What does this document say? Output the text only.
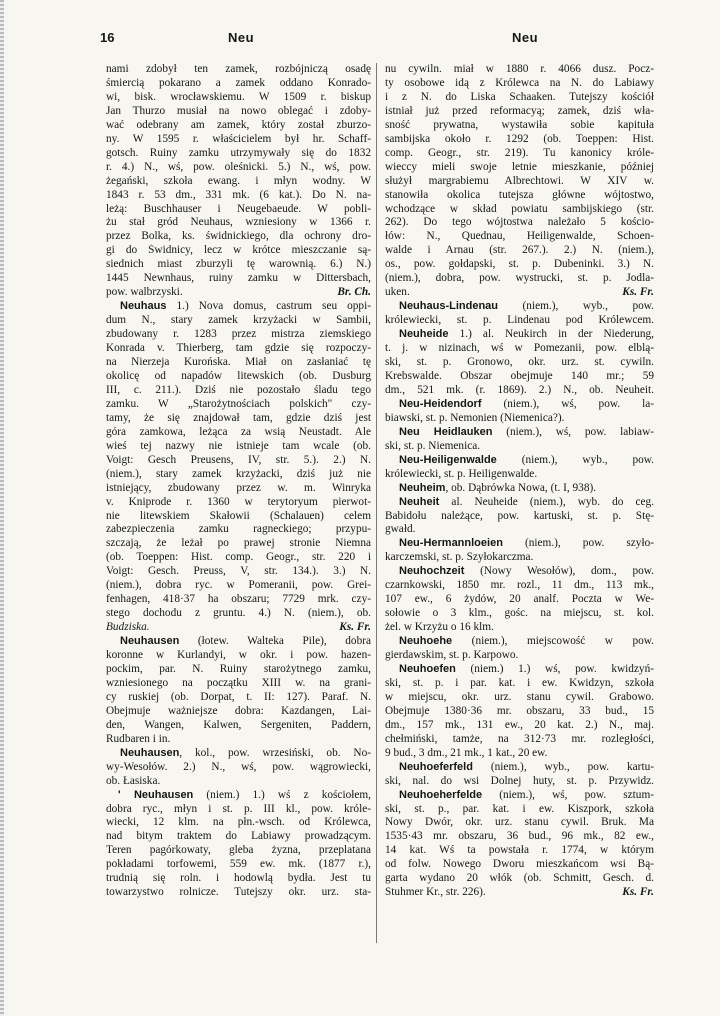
16	Neu	Neu
nami zdobył ten zamek, rozbójniczą osadę
śmiercią pokarano a zamek oddano Konrado-
wi, bisk. wrocławskiemu. W 1509 r. biskup
Jan Thurzo musiał na nowo oblegać i zdoby-
wać odebrany am zamek, który został zburzo-
ny. W 1595 r. właścicielem był hr. Schaff-
gotsch. Ruiny zamku utrzymywały się do 1832
r. 4.) N., wś, pow. oleśnicki. 5.) N., wś, pow.
żegański, szkoła ewang. i młyn wodny. W
1843 r. 53 dm., 331 mk. (6 kat.). Do N. na-
leżą: Buschhauser i Neugebaeude. W pobli-
żu stał gród Neuhaus, wzniesiony w 1366 r.
przez Bolka, ks. świdnickiego, dla ochrony dro-
gi do Świdnicy, lecz w krótce mieszczanie są-
siednich miast zburzyli tę warownią. 6.) N.)
1445 Newnhaus, ruiny zamku w Dittersbach,
pow. walbrzyski.	Br. Ch.
Neuhaus 1.) Nova domus, castrum seu oppi-
dum N., stary zamek krzyżacki w Sambii,
zbudowany r. 1283 przez mistrza ziemskiego
Konrada v. Thierberg, tam gdzie się rozpoczy-
na Nierzeja Kurońska. Miał on zasłaniać tę
okolicę od napadów litewskich (ob. Dusburg
III, c. 211.). Dziś nie pozostało śladu tego
zamku. W „Starożytnościach polskich" czy-
tamy, że się znajdował tam, gdzie dziś jest
góra zamkowa, leżąca za wsią Neustadt. Ale
wieś tej nazwy nie istnieje tam wcale (ob.
Voigt: Gesch Preusens, IV, str. 5.). 2.) N.
(niem.), stary zamek krzyżacki, dziś już nie
istniejący, zbudowany przez w. m. Winryka
v. Kniprode r. 1360 w terytoryum pierwot-
nie litewskiem Skałowii (Schalauen) celem
zabezpieczenia zamku ragneckiego; przypu-
szczają, że leżał po prawej stronie Niemna
(ob. Toeppen: Hist. comp. Geogr., str. 220 i
Voigt: Gesch. Preuss, V, str. 134.). 3.) N.
(niem.), dobra ryc. w Pomeranii, pow. Grei-
fenhagen, 418·37 ha obszaru; 7729 mrk. czy-
stego dochodu z gruntu. 4.) N. (niem.), ob.
Budziska.	Ks. Fr.
Neuhausen (łotew. Walteka Pile), dobra
koronne w Kurlandyi, w okr. i pow. hazen-
pockim, par. N. Ruiny starożytnego zamku,
wzniesionego na początku XIII w. na grani-
cy ruskiej (ob. Dorpat, t. II: 127). Paraf. N.
Obejmuje ważniejsze dobra: Kazdangen, Lai-
den, Wangen, Kalwen, Sergeniten, Paddern,
Rudbaren i in.
Neuhausen, kol., pow. wrzesiński, ob. No-
wy-Wesołów. 2.) N., wś, pow. wągrowiecki,
ob. Łasiska.
' Neuhausen (niem.) 1.) wś z kościołem,
dobra ryc., młyn i st. p. III kl., pow. króle-
wiecki, 12 klm. na płn.-wsch. od Królewca,
nad bitym traktem do Labiawy prowadzącym.
Teren pagórkowaty, gleba żyzna, przeplatana
pokładami torfowemi, 559 ew. mk. (1877 r.),
trudnią się roln. i hodowlą bydła. Jest tu
towarzystwo rolnicze. Tutejszy okr. urz. sta-
nu cywiln. miał w 1880 r. 4066 dusz. Pocz-
ty osobowe idą z Królewca na N. do Labiawy
i z N. do Liska Schaaken. Tutejszy kościół
istniał już przed reformacyą; zamek, dziś wła-
sność prywatna, wystawiła sobie kapituła
sambijska około r. 1292 (ob. Toeppen: Hist.
comp. Geogr., str. 219). Tu kanonicy króle-
wieccy mieli swoje letnie mieszkanie, później
służył margrabiemu Albrechtowi. W XIV w.
stanowiła okolica tutejsza główne wójtostwo,
wchodzące w skład powiatu sambijskiego (str.
262). Do tego wójtostwa należało 5 kościo-
łów: N., Quednau, Heiligenwalde, Schoen-
walde i Arnau (str. 267.). 2.) N. (niem.),
os., pow. gołdapski, st. p. Dubeninki. 3.) N.
(niem.), dobra, pow. wystrucki, st. p. Jodla-
uken.	Ks. Fr.
Neuhaus-Lindenau (niem.), wyb., pow.
królewiecki, st. p. Lindenau pod Królewcem.
Neuheide 1.) al. Neukirch in der Niederung,
t. j. w nizinach, wś w Pomezanii, pow. elblą-
ski, st. p. Gronowo, okr. urz. st. cywiln.
Krebswalde. Obszar obejmuje 140 mr.; 59
dm., 521 mk. (r. 1869). 2.) N., ob. Neuheit.
Neu-Heidendorf (niem.), wś, pow. la-
biawski, st. p. Nemonien (Niemenica?).
Neu Heidlauken (niem.), wś, pow. labiaw-
ski, st. p. Niemenica.
Neu-Heiligenwalde (niem.), wyb., pow.
królewiecki, st. p. Heiligenwalde.
Neuheim, ob. Dąbrówka Nowa, (t. I, 938).
Neuheit al. Neuheide (niem.), wyb. do ceg.
Babidołu należące, pow. kartuski, st. p. Stę-
gwałd.
Neu-Hermannloeien (niem.), pow. szyło-
karczemski, st. p. Szyłokarczma.
Neuhochzeit (Nowy Wesołów), dom., pow.
czarnkowski, 1850 mr. rozl., 11 dm., 113 mk.,
107 ew., 6 żydów, 20 analf. Poczta w We-
sołowie o 3 klm., gośc. na miejscu, st. kol.
żel. w Krzyżu o 16 klm.
Neuhoehe (niem.), miejscowość w pow.
gierdawskim, st. p. Karpowo.
Neuhoefen (niem.) 1.) wś, pow. kwidzyń-
ski, st. p. i par. kat. i ew. Kwidzyn, szkoła
w miejscu, okr. urz. stanu cywil. Grabowo.
Obejmuje 1380·36 mr. obszaru, 33 bud., 15
dm., 157 mk., 131 ew., 20 kat. 2.) N., maj.
chełmiński, tamże, na 312·73 mr. rozległości,
9 bud., 3 dm., 21 mk., 1 kat., 20 ew.
Neuhoeferfeld (niem.), wyb., pow. kartu-
ski, nal. do wsi Dolnej huty, st. p. Przywidz.
Neuhoeherfelde (niem.), wś, pow. sztum-
ski, st. p., par. kat. i ew. Kiszpork, szkoła
Nowy Dwór, okr. urz. stanu cywil. Bruk. Ma
1535·43 mr. obszaru, 36 bud., 96 mk., 82 ew.,
14 kat. Wś ta powstała r. 1774, w którym
od folw. Nowego Dworu mieszkańcom wsi Bą-
garta wydano 20 włók (ob. Schmitt, Gesch. d.
Stuhmer Kr., str. 226).	Ks. Fr.
